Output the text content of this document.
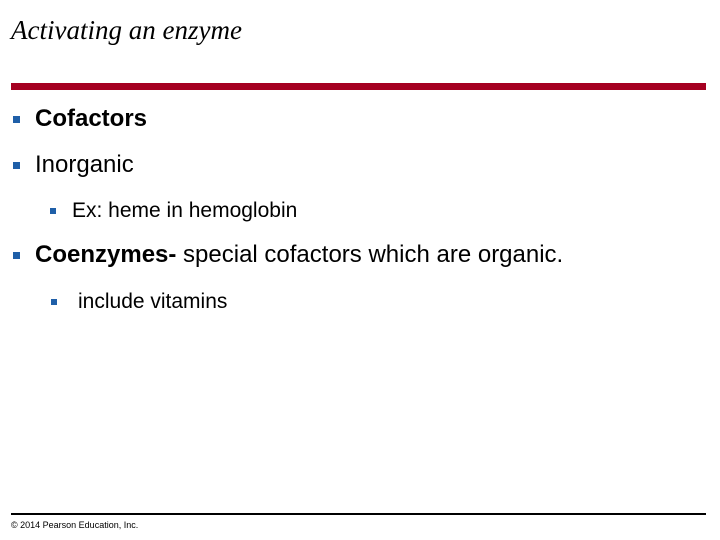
Activating an enzyme
Cofactors
Inorganic
Ex: heme in hemoglobin
Coenzymes- special cofactors which are organic.
include vitamins
© 2014 Pearson Education, Inc.
